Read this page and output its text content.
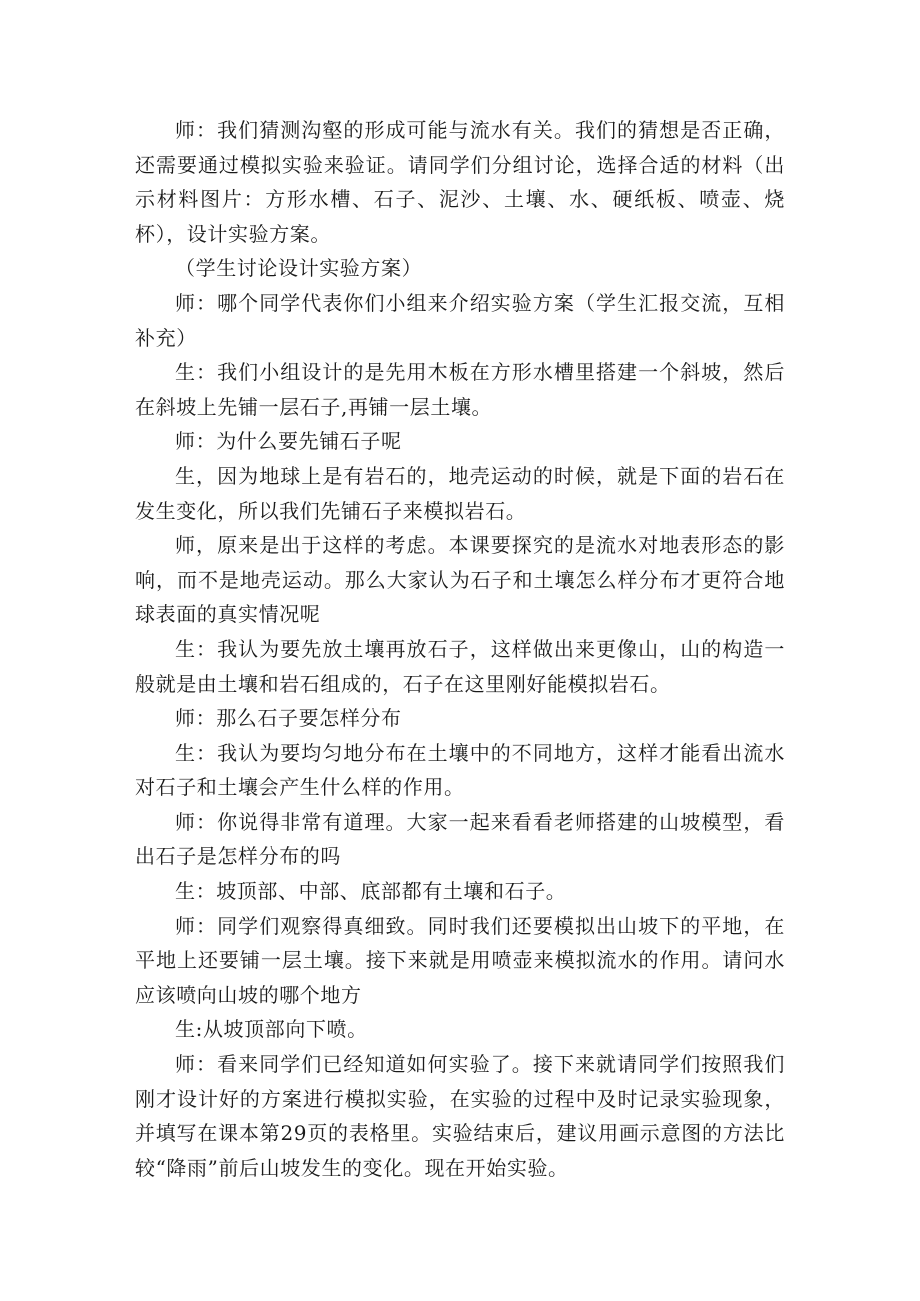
师：我们猜测沟壑的形成可能与流水有关。我们的猜想是否正确，还需要通过模拟实验来验证。请同学们分组讨论，选择合适的材料（出示材料图片：方形水槽、石子、泥沙、土壤、水、硬纸板、喷壶、烧杯），设计实验方案。

（学生讨论设计实验方案）

师：哪个同学代表你们小组来介绍实验方案（学生汇报交流，互相补充）

生：我们小组设计的是先用木板在方形水槽里搭建一个斜坡，然后在斜坡上先铺一层石子,再铺一层土壤。

师：为什么要先铺石子呢

生，因为地球上是有岩石的，地壳运动的时候，就是下面的岩石在发生变化，所以我们先铺石子来模拟岩石。

师，原来是出于这样的考虑。本课要探究的是流水对地表形态的影响，而不是地壳运动。那么大家认为石子和土壤怎么样分布才更符合地球表面的真实情况呢

生：我认为要先放土壤再放石子，这样做出来更像山，山的构造一般就是由土壤和岩石组成的，石子在这里刚好能模拟岩石。

师：那么石子要怎样分布

生：我认为要均匀地分布在土壤中的不同地方，这样才能看出流水对石子和土壤会产生什么样的作用。

师：你说得非常有道理。大家一起来看看老师搭建的山坡模型，看出石子是怎样分布的吗

生：坡顶部、中部、底部都有土壤和石子。

师：同学们观察得真细致。同时我们还要模拟出山坡下的平地，在平地上还要铺一层土壤。接下来就是用喷壶来模拟流水的作用。请问水应该喷向山坡的哪个地方

生:从坡顶部向下喷。

师：看来同学们已经知道如何实验了。接下来就请同学们按照我们刚才设计好的方案进行模拟实验，在实验的过程中及时记录实验现象，并填写在课本第29页的表格里。实验结束后，建议用画示意图的方法比较“降雨”前后山坡发生的变化。现在开始实验。
